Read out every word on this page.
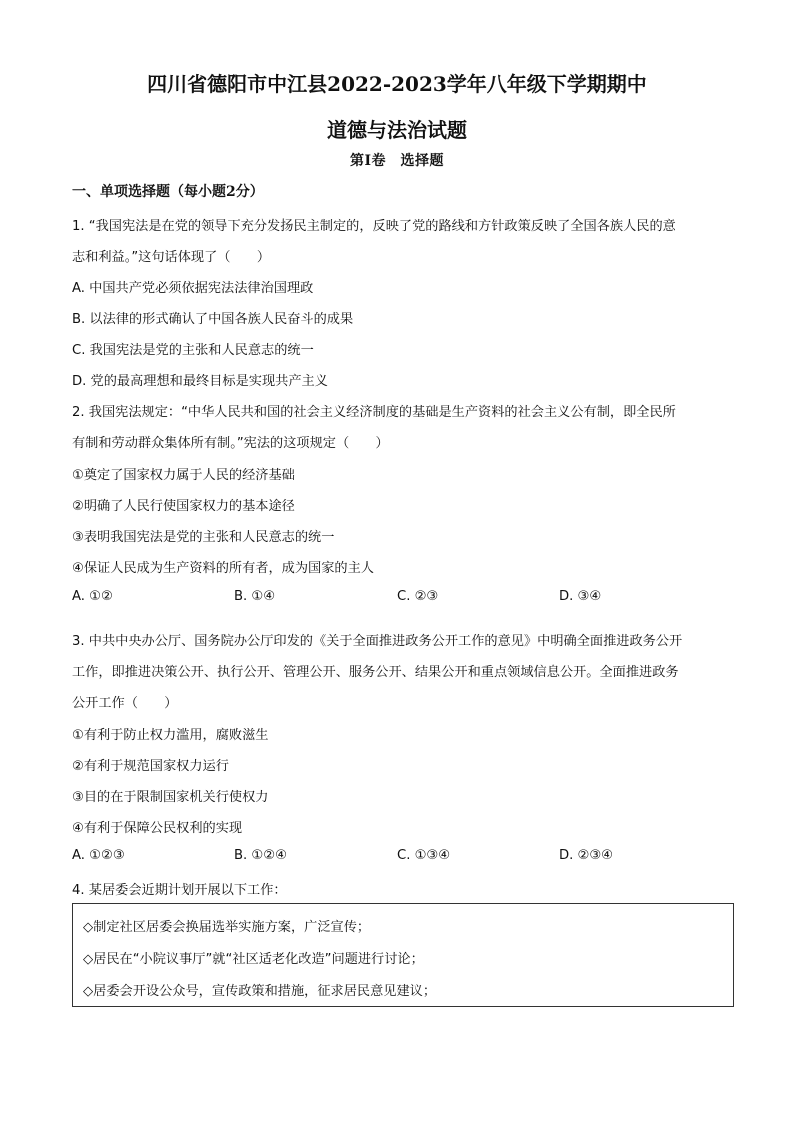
四川省德阳市中江县2022-2023学年八年级下学期期中
道德与法治试题
第Ⅰ卷　选择题
一、单项选择题（每小题2分）
1. “我国宪法是在党的领导下充分发扬民主制定的，反映了党的路线和方针政策反映了全国各族人民的意
志和利益。”这句话体现了（　　）
A. 中国共产党必须依据宪法法律治国理政
B. 以法律的形式确认了中国各族人民奋斗的成果
C. 我国宪法是党的主张和人民意志的统一
D. 党的最高理想和最终目标是实现共产主义
2. 我国宪法规定：“中华人民共和国的社会主义经济制度的基础是生产资料的社会主义公有制，即全民所
有制和劳动群众集体所有制。”宪法的这项规定（　　）
①奠定了国家权力属于人民的经济基础
②明确了人民行使国家权力的基本途径
③表明我国宪法是党的主张和人民意志的统一
④保证人民成为生产资料的所有者，成为国家的主人
A. ①②	B. ①④	C. ②③	D. ③④
3. 中共中央办公厅、国务院办公厅印发的《关于全面推进政务公开工作的意见》中明确全面推进政务公开
工作，即推进决策公开、执行公开、管理公开、服务公开、结果公开和重点领域信息公开。全面推进政务
公开工作（　　）
①有利于防止权力滥用，腐败滋生
②有利于规范国家权力运行
③目的在于限制国家机关行使权力
④有利于保障公民权利的实现
A. ①②③	B. ①②④	C. ①③④	D. ②③④
4. 某居委会近期计划开展以下工作：
◇制定社区居委会换届选举实施方案，广泛宣传；
◇居民在“小院议事厅”就“社区适老化改造”问题进行讨论；
◇居委会开设公众号，宣传政策和措施，征求居民意见建议；
